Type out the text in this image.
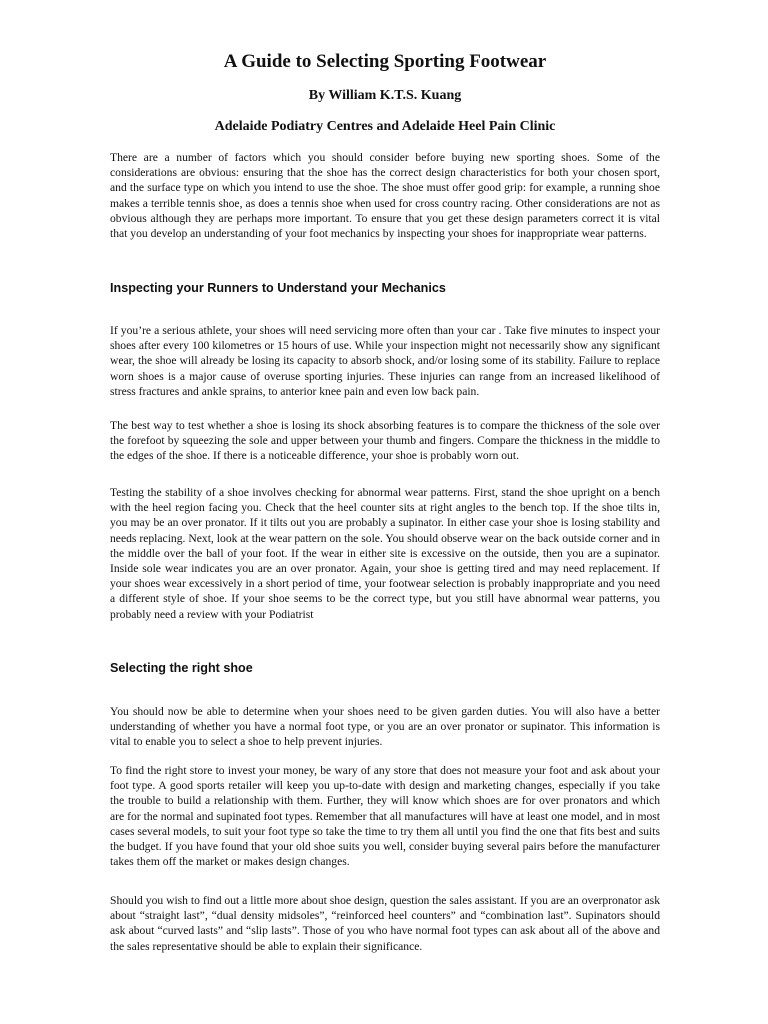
A Guide to Selecting Sporting Footwear

By William K.T.S. Kuang

Adelaide Podiatry Centres and Adelaide Heel Pain Clinic

There are a number of factors which you should consider before buying new sporting shoes. Some of the considerations are obvious: ensuring that the shoe has the correct design characteristics for both your chosen sport, and the surface type on which you intend to use the shoe. The shoe must offer good grip: for example, a running shoe makes a terrible tennis shoe, as does a tennis shoe when used for cross country racing. Other considerations are not as obvious although they are perhaps more important. To ensure that you get these design parameters correct it is vital that you develop an understanding of your foot mechanics by inspecting your shoes for inappropriate wear patterns.

Inspecting your Runners to Understand your Mechanics

If you’re a serious athlete, your shoes will need servicing more often than your car . Take five minutes to inspect your shoes after every 100 kilometres or 15 hours of use. While your inspection might not necessarily show any significant wear, the shoe will already be losing its capacity to absorb shock, and/or losing some of its stability. Failure to replace worn shoes is a major cause of overuse sporting injuries. These injuries can range from an increased likelihood of stress fractures and ankle sprains, to anterior knee pain and even low back pain.

The best way to test whether a shoe is losing its shock absorbing features is to compare the thickness of the sole over the forefoot by squeezing the sole and upper between your thumb and fingers. Compare the thickness in the middle to the edges of the shoe. If there is a noticeable difference, your shoe is probably worn out.

Testing the stability of a shoe involves checking for abnormal wear patterns. First, stand the shoe upright on a bench with the heel region facing you. Check that the heel counter sits at right angles to the bench top. If the shoe tilts in, you may be an over pronator. If it tilts out you are probably a supinator. In either case your shoe is losing stability and needs replacing. Next, look at the wear pattern on the sole. You should observe wear on the back outside corner and in the middle over the ball of your foot. If the wear in either site is excessive on the outside, then you are a supinator. Inside sole wear indicates you are an over pronator. Again, your shoe is getting tired and may need replacement. If your shoes wear excessively in a short period of time, your footwear selection is probably inappropriate and you need a different style of shoe. If your shoe seems to be the correct type, but you still have abnormal wear patterns, you probably need a review with your Podiatrist

Selecting the right shoe

You should now be able to determine when your shoes need to be given garden duties. You will also have a better understanding of whether you have a normal foot type, or you are an over pronator or supinator. This information is vital to enable you to select a shoe to help prevent injuries.

To find the right store to invest your money, be wary of any store that does not measure your foot and ask about your foot type. A good sports retailer will keep you up-to-date with design and marketing changes, especially if you take the trouble to build a relationship with them. Further, they will know which shoes are for over pronators and which are for the normal and supinated foot types. Remember that all manufactures will have at least one model, and in most cases several models, to suit your foot type so take the time to try them all until you find the one that fits best and suits the budget. If you have found that your old shoe suits you well, consider buying several pairs before the manufacturer takes them off the market or makes design changes.

Should you wish to find out a little more about shoe design, question the sales assistant. If you are an overpronator ask about “straight last”, “dual density midsoles”, “reinforced heel counters” and “combination last”. Supinators should ask about “curved lasts” and “slip lasts”. Those of you who have normal foot types can ask about all of the above and the sales representative should be able to explain their significance.
